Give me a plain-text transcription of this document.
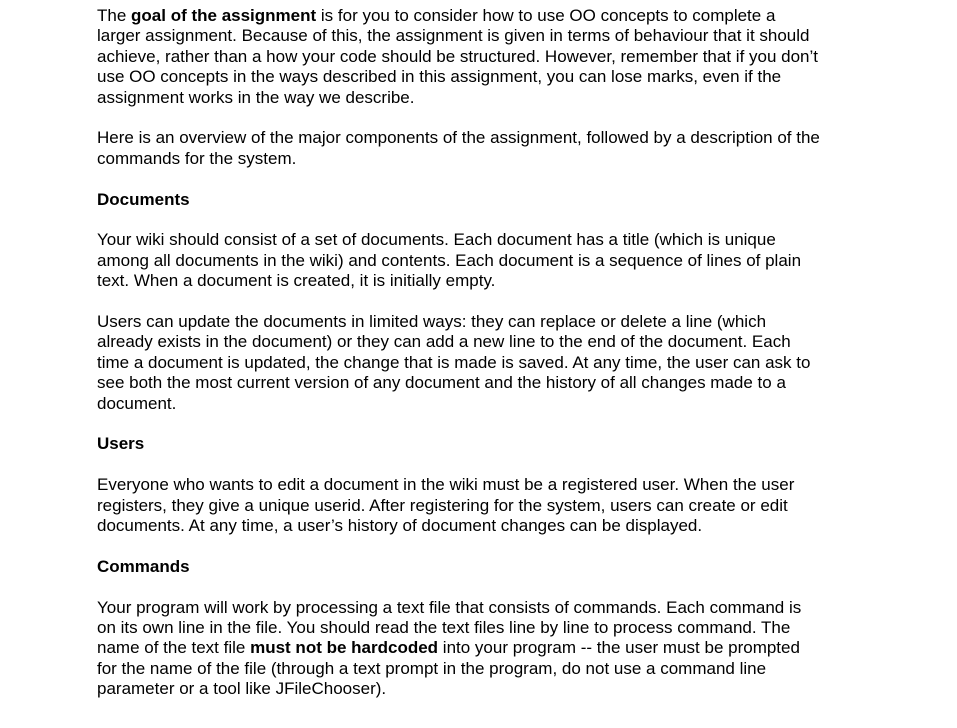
The goal of the assignment is for you to consider how to use OO concepts to complete a
larger assignment. Because of this, the assignment is given in terms of behaviour that it should
achieve, rather than a how your code should be structured. However, remember that if you don’t
use OO concepts in the ways described in this assignment, you can lose marks, even if the
assignment works in the way we describe.

Here is an overview of the major components of the assignment, followed by a description of the
commands for the system.

Documents

Your wiki should consist of a set of documents. Each document has a title (which is unique
among all documents in the wiki) and contents. Each document is a sequence of lines of plain
text. When a document is created, it is initially empty.

Users can update the documents in limited ways: they can replace or delete a line (which
already exists in the document) or they can add a new line to the end of the document. Each
time a document is updated, the change that is made is saved. At any time, the user can ask to
see both the most current version of any document and the history of all changes made to a
document.

Users

Everyone who wants to edit a document in the wiki must be a registered user. When the user
registers, they give a unique userid. After registering for the system, users can create or edit
documents. At any time, a user’s history of document changes can be displayed.

Commands

Your program will work by processing a text file that consists of commands. Each command is
on its own line in the file. You should read the text files line by line to process command. The
name of the text file must not be hardcoded into your program -- the user must be prompted
for the name of the file (through a text prompt in the program, do not use a command line
parameter or a tool like JFileChooser).
